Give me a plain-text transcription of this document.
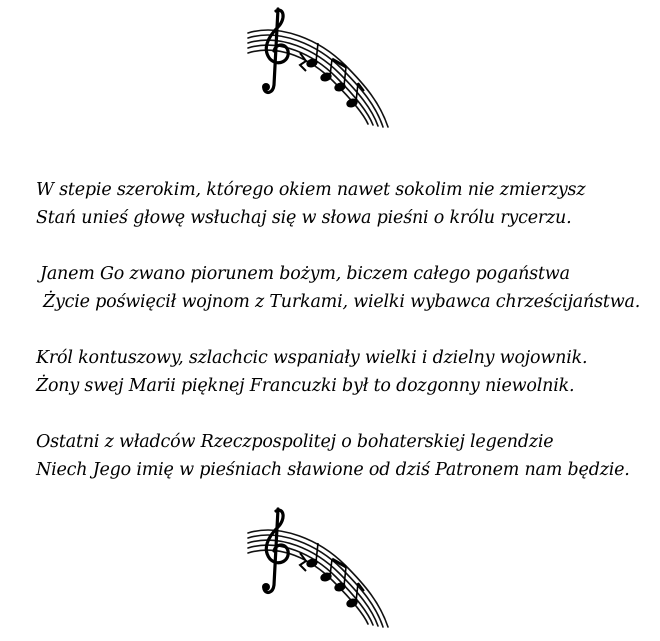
W stepie szerokim, którego okiem nawet sokolim nie zmierzysz
Stań unieś głowę wsłuchaj się w słowa pieśni o królu rycerzu.
Janem Go zwano piorunem bożym, biczem całego pogaństwa
Życie poświęcił wojnom z Turkami, wielki wybawca chrześcijaństwa.
Król kontuszowy, szlachcic wspaniały wielki i dzielny wojownik.
Żony swej Marii pięknej Francuzki był to dozgonny niewolnik.
Ostatni z władców Rzeczpospolitej o bohaterskiej legendzie
Niech Jego imię w pieśniach sławione od dziś Patronem nam będzie.
